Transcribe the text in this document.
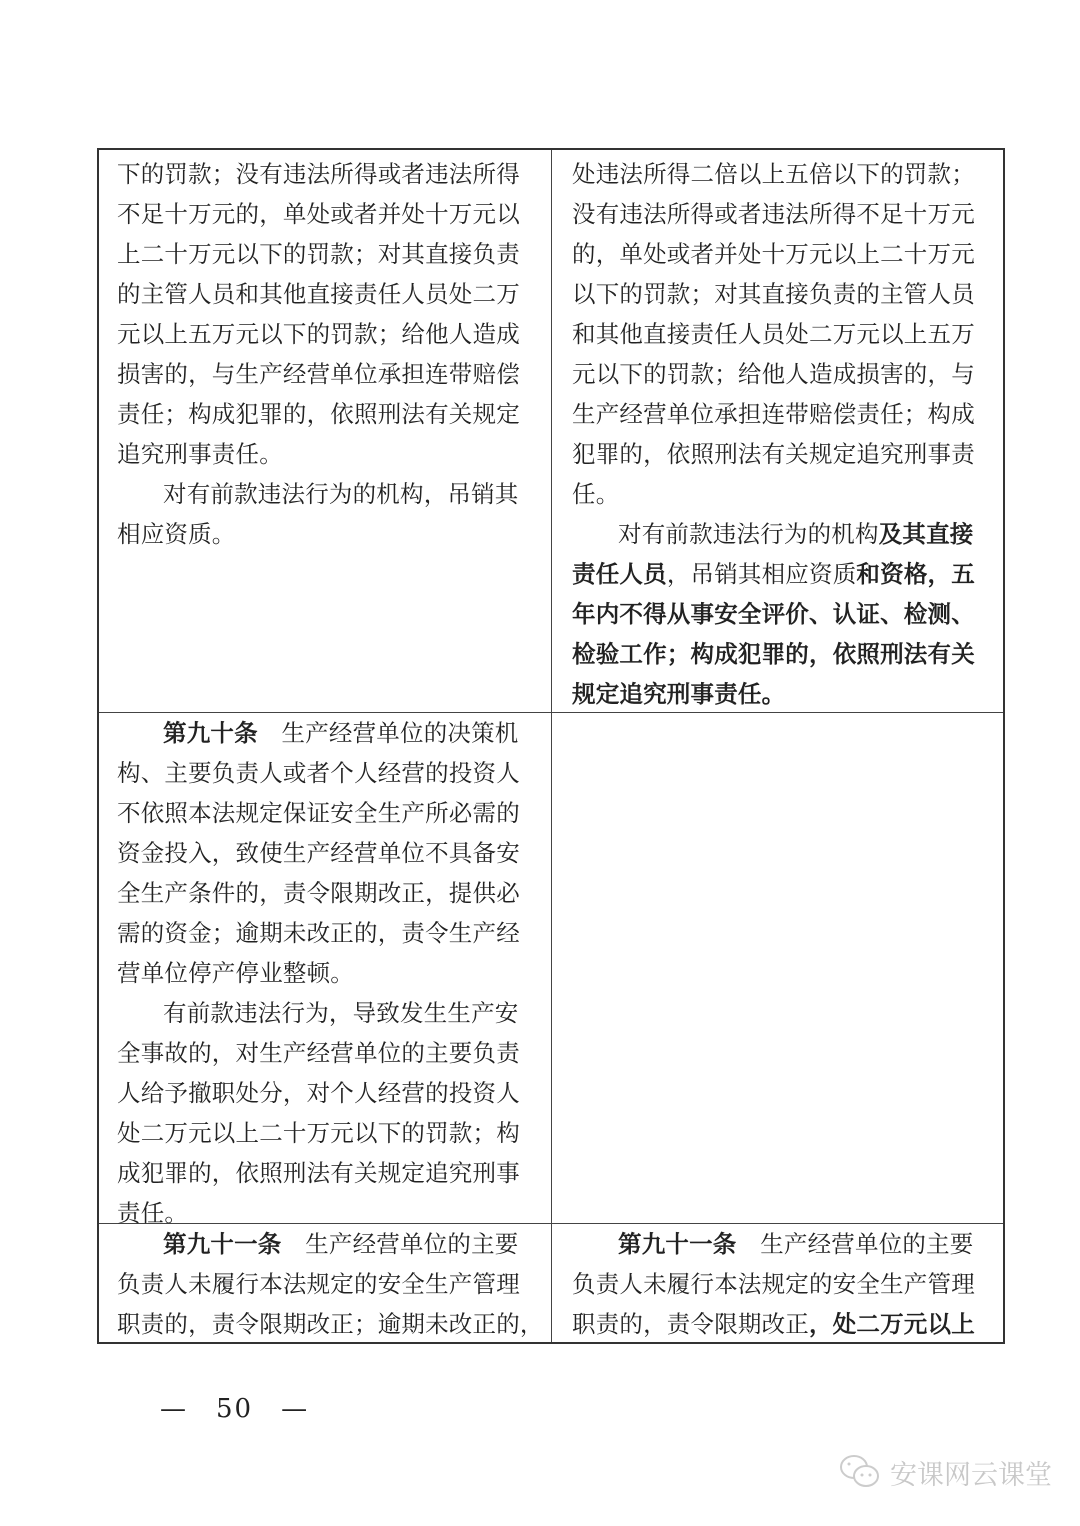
下的罚款；没有违法所得或者违法所得
不足十万元的，单处或者并处十万元以
上二十万元以下的罚款；对其直接负责
的主管人员和其他直接责任人员处二万
元以上五万元以下的罚款；给他人造成
损害的，与生产经营单位承担连带赔偿
责任；构成犯罪的，依照刑法有关规定
追究刑事责任。
对有前款违法行为的机构，吊销其
相应资质。
处违法所得二倍以上五倍以下的罚款；
没有违法所得或者违法所得不足十万元
的，单处或者并处十万元以上二十万元
以下的罚款；对其直接负责的主管人员
和其他直接责任人员处二万元以上五万
元以下的罚款；给他人造成损害的，与
生产经营单位承担连带赔偿责任；构成
犯罪的，依照刑法有关规定追究刑事责
任。
对有前款违法行为的机构及其直接
责任人员，吊销其相应资质和资格，五
年内不得从事安全评价、认证、检测、
检验工作；构成犯罪的，依照刑法有关
规定追究刑事责任。
第九十条　生产经营单位的决策机
构、主要负责人或者个人经营的投资人
不依照本法规定保证安全生产所必需的
资金投入，致使生产经营单位不具备安
全生产条件的，责令限期改正，提供必
需的资金；逾期未改正的，责令生产经
营单位停产停业整顿。
有前款违法行为，导致发生生产安
全事故的，对生产经营单位的主要负责
人给予撤职处分，对个人经营的投资人
处二万元以上二十万元以下的罚款；构
成犯罪的，依照刑法有关规定追究刑事
责任。
第九十一条　生产经营单位的主要
负责人未履行本法规定的安全生产管理
职责的，责令限期改正；逾期未改正的，
第九十一条　生产经营单位的主要
负责人未履行本法规定的安全生产管理
职责的，责令限期改正，处二万元以上
—　50　—
安课网云课堂
